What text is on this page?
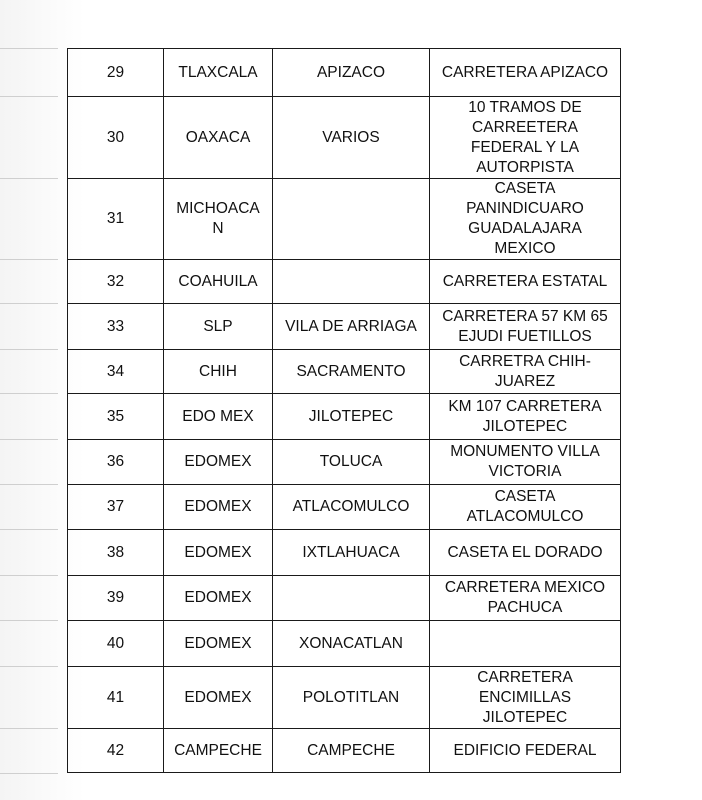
29	TLAXCALA	APIZACO	CARRETERA APIZACO
30	OAXACA	VARIOS	10 TRAMOS DE CARREETERA FEDERAL Y LA AUTORPISTA
31	MICHOACA N		CASETA PANINDICUARO GUADALAJARA MEXICO
32	COAHUILA		CARRETERA ESTATAL
33	SLP	VILA DE ARRIAGA	CARRETERA 57 KM 65 EJUDI FUETILLOS
34	CHIH	SACRAMENTO	CARRETRA CHIH- JUAREZ
35	EDO MEX	JILOTEPEC	KM 107 CARRETERA JILOTEPEC
36	EDOMEX	TOLUCA	MONUMENTO VILLA VICTORIA
37	EDOMEX	ATLACOMULCO	CASETA ATLACOMULCO
38	EDOMEX	IXTLAHUACA	CASETA EL DORADO
39	EDOMEX		CARRETERA MEXICO PACHUCA
40	EDOMEX	XONACATLAN	
41	EDOMEX	POLOTITLAN	CARRETERA ENCIMILLAS JILOTEPEC
42	CAMPECHE	CAMPECHE	EDIFICIO FEDERAL
